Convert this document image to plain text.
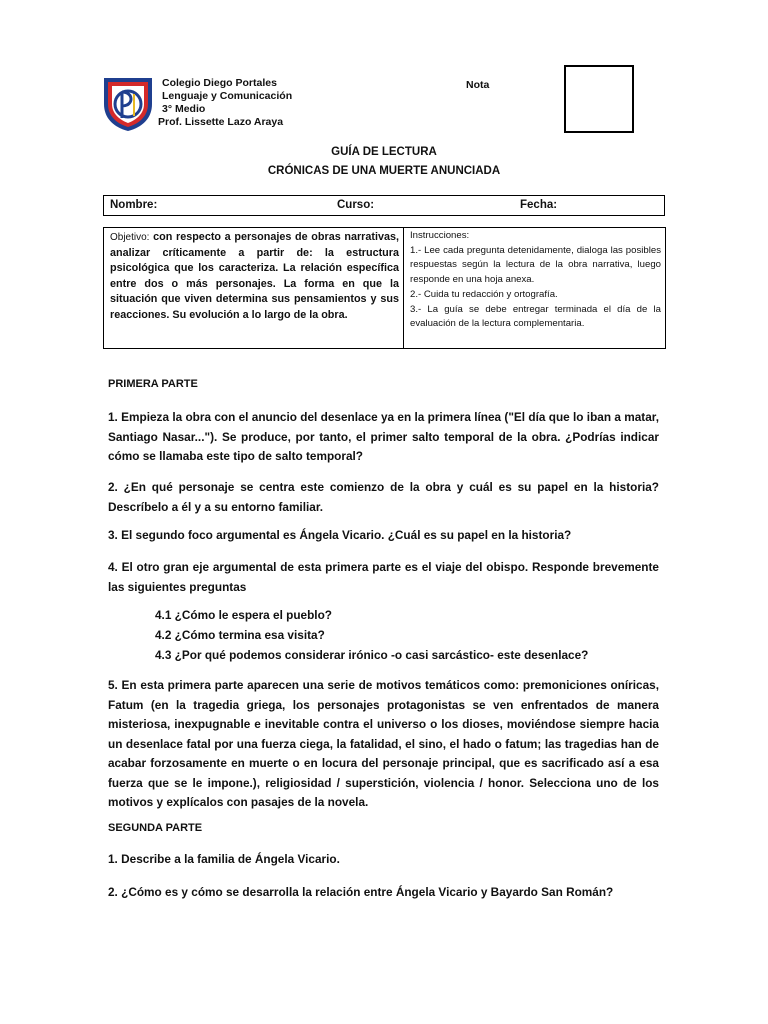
Colegio Diego Portales
Lenguaje y Comunicación
3° Medio
Prof. Lissette Lazo Araya
Nota
GUÍA DE LECTURA
CRÓNICAS DE UNA MUERTE ANUNCIADA
Nombre:	Curso:	Fecha:
Objetivo: con respecto a personajes de obras narrativas, analizar críticamente a partir de: la estructura psicológica que los caracteriza. La relación específica entre dos o más personajes. La forma en que la situación que viven determina sus pensamientos y sus reacciones. Su evolución a lo largo de la obra.
Instrucciones:
1.- Lee cada pregunta detenidamente, dialoga las posibles respuestas según la lectura de la obra narrativa, luego responde en una hoja anexa.
2.- Cuida tu redacción y ortografía.
3.- La guía se debe entregar terminada el día de la evaluación de la lectura complementaria.
PRIMERA PARTE
1. Empieza la obra con el anuncio del desenlace ya en la primera línea ("El día que lo iban a matar, Santiago Nasar..."). Se produce, por tanto, el primer salto temporal de la obra. ¿Podrías indicar cómo se llamaba este tipo de salto temporal?
2. ¿En qué personaje se centra este comienzo de la obra y cuál es su papel en la historia? Descríbelo a él y a su entorno familiar.
3. El segundo foco argumental es Ángela Vicario. ¿Cuál es su papel en la historia?
4. El otro gran eje argumental de esta primera parte es el viaje del obispo. Responde brevemente las siguientes preguntas
4.1 ¿Cómo le espera el pueblo?
4.2 ¿Cómo termina esa visita?
4.3 ¿Por qué podemos considerar irónico -o casi sarcástico- este desenlace?
5. En esta primera parte aparecen una serie de motivos temáticos como: premoniciones oníricas, Fatum (en la tragedia griega, los personajes protagonistas se ven enfrentados de manera misteriosa, inexpugnable e inevitable contra el universo o los dioses, moviéndose siempre hacia un desenlace fatal por una fuerza ciega, la fatalidad, el sino, el hado o fatum; las tragedias han de acabar forzosamente en muerte o en locura del personaje principal, que es sacrificado así a esa fuerza que se le impone.), religiosidad / superstición, violencia / honor. Selecciona uno de los motivos y explícalos con pasajes de la novela.
SEGUNDA PARTE
1. Describe a la familia de Ángela Vicario.
2. ¿Cómo es y cómo se desarrolla la relación entre Ángela Vicario y Bayardo San Román?
